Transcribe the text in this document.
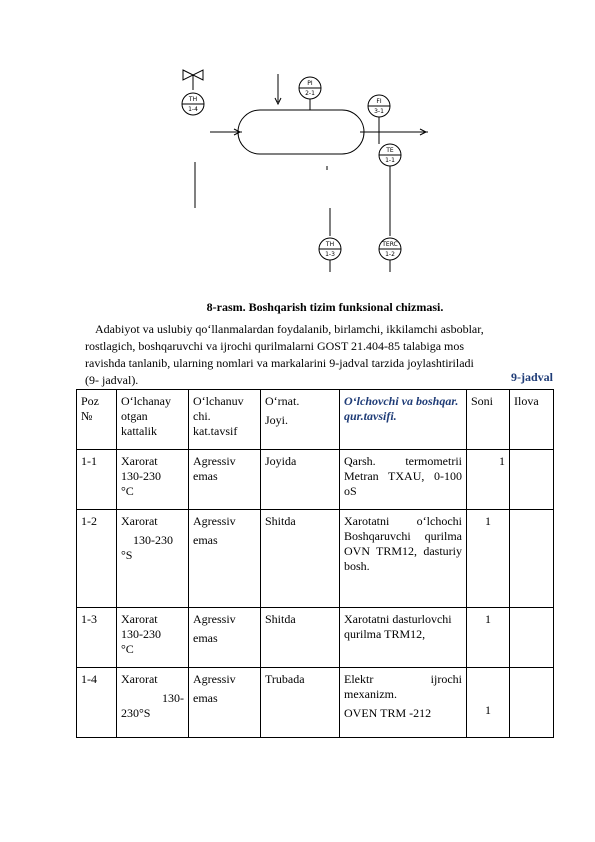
TH
1-4
PI
2-1
FI
3-1
TE
1-1
TH
1-3
TERC
1-2
8-rasm. Boshqarish tizim funksional chizmasi.
Adabiyot va uslubiy qo‘llanmalardan foydalanib, birlamchi, ikkilamchi asboblar,
rostlagich, boshqaruvchi va ijrochi qurilmalarni GOST 21.404-85 talabiga mos
ravishda tanlanib, ularning nomlari va markalarini 9-jadval tarzida joylashtiriladi
(9- jadval).	9-jadval
Poz №	O‘lchanay otgan kattalik	O‘lchanuv chi. kat.tavsif	O‘rnat.

Joyi.	O‘lchovchi va boshqar. qur.tavsifi.	Soni	Ilova
1-1	Xarorat
130-230
°C	Agressiv emas	Joyida	Qarsh. termometrii Metran TXAU, 0-100 oS	1	
1-2	Xarorat

130-230
°S	Agressiv

emas	Shitda	Xarotatni o‘lchochi Boshqaruvchi qurilma OVN TRM12, dasturiy bosh.	1	
1-3	Xarorat
130-230
°C	Agressiv

emas	Shitda	Xarotatni dasturlovchi qurilma TRM12,	1	
1-4	Xarorat

130-
230°S	Agressiv

emas	Trubada	Elektr ijrochi mexanizm.
OVEN TRM -212	1	
